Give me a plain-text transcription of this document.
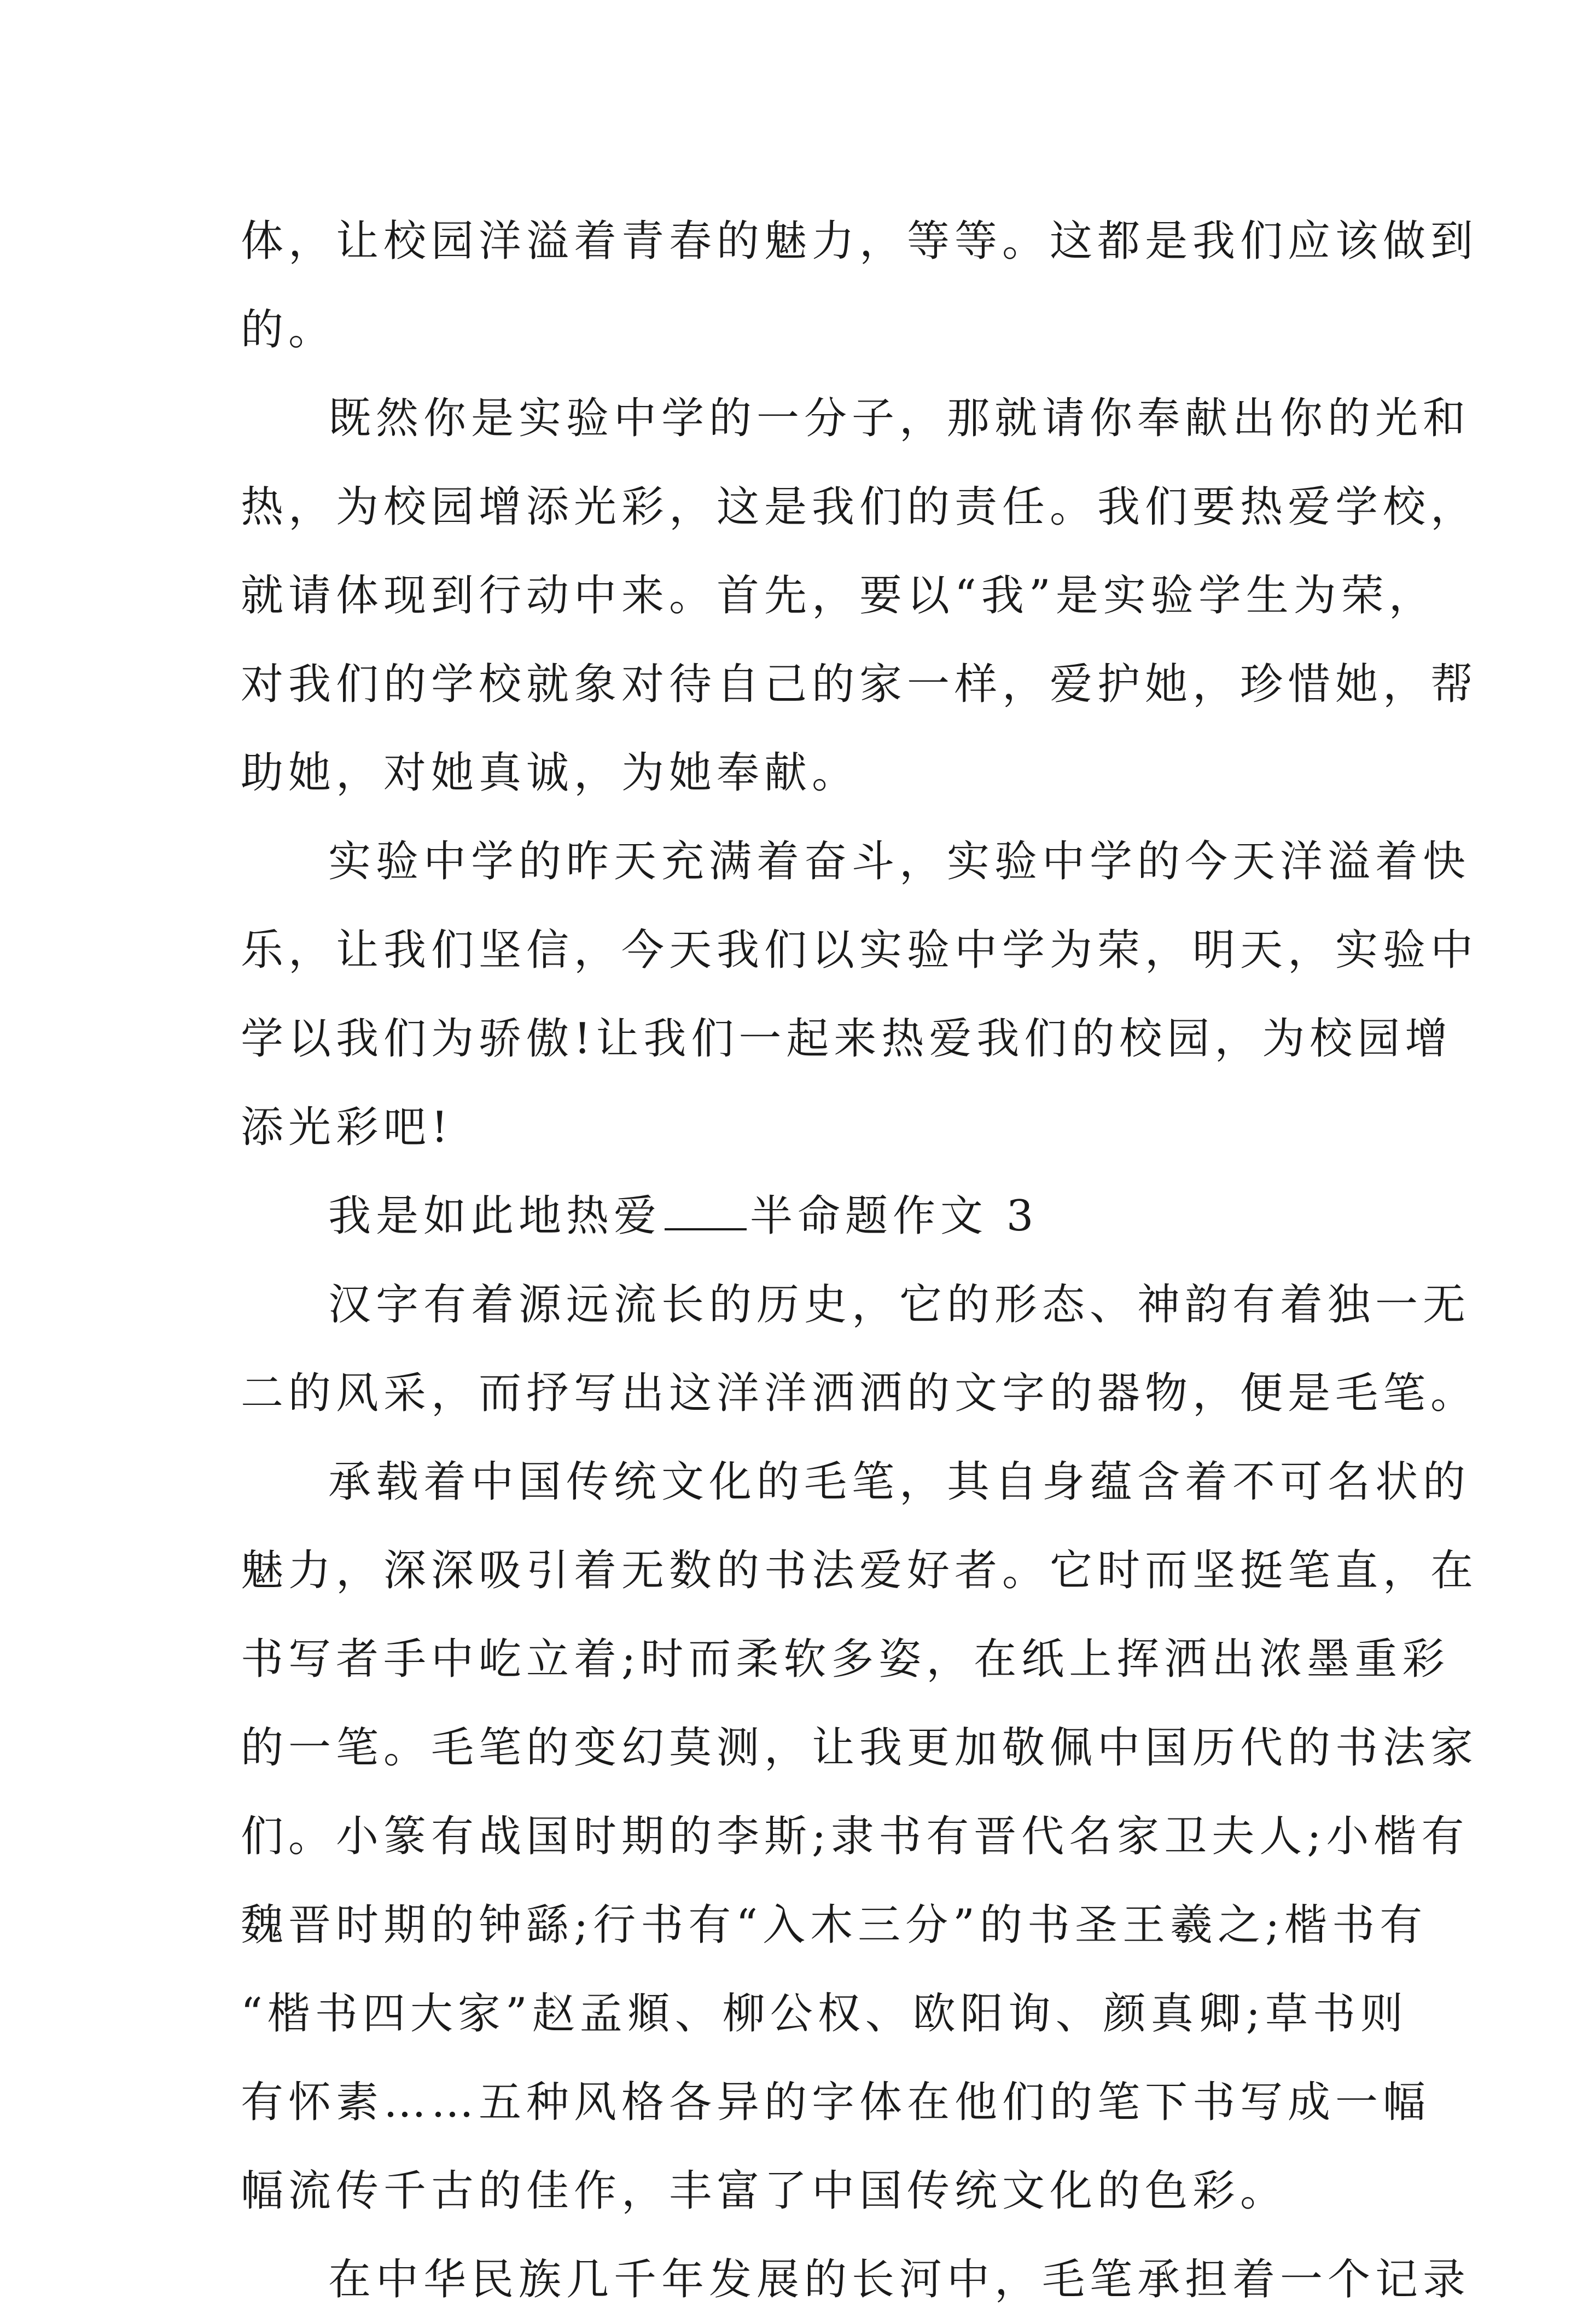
体，让校园洋溢着青春的魅力，等等。这都是我们应该做到
的。
既然你是实验中学的一分子，那就请你奉献出你的光和
热，为校园增添光彩，这是我们的责任。我们要热爱学校，
就请体现到行动中来。首先，要以“我”是实验学生为荣，
对我们的学校就象对待自己的家一样，爱护她，珍惜她，帮
助她，对她真诚，为她奉献。
实验中学的昨天充满着奋斗，实验中学的今天洋溢着快
乐，让我们坚信，今天我们以实验中学为荣，明天，实验中
学以我们为骄傲!让我们一起来热爱我们的校园，为校园增
添光彩吧!
我是如此地热爱 半命题作文 3
汉字有着源远流长的历史，它的形态、神韵有着独一无
二的风采，而抒写出这洋洋洒洒的文字的器物，便是毛笔。
承载着中国传统文化的毛笔，其自身蕴含着不可名状的
魅力，深深吸引着无数的书法爱好者。它时而坚挺笔直，在
书写者手中屹立着;时而柔软多姿，在纸上挥洒出浓墨重彩
的一笔。毛笔的变幻莫测，让我更加敬佩中国历代的书法家
们。小篆有战国时期的李斯;隶书有晋代名家卫夫人;小楷有
魏晋时期的钟繇;行书有“入木三分”的书圣王羲之;楷书有
“楷书四大家”赵孟頫、柳公权、欧阳询、颜真卿;草书则
有怀素……五种风格各异的字体在他们的笔下书写成一幅
幅流传千古的佳作，丰富了中国传统文化的色彩。
在中华民族几千年发展的长河中，毛笔承担着一个记录
